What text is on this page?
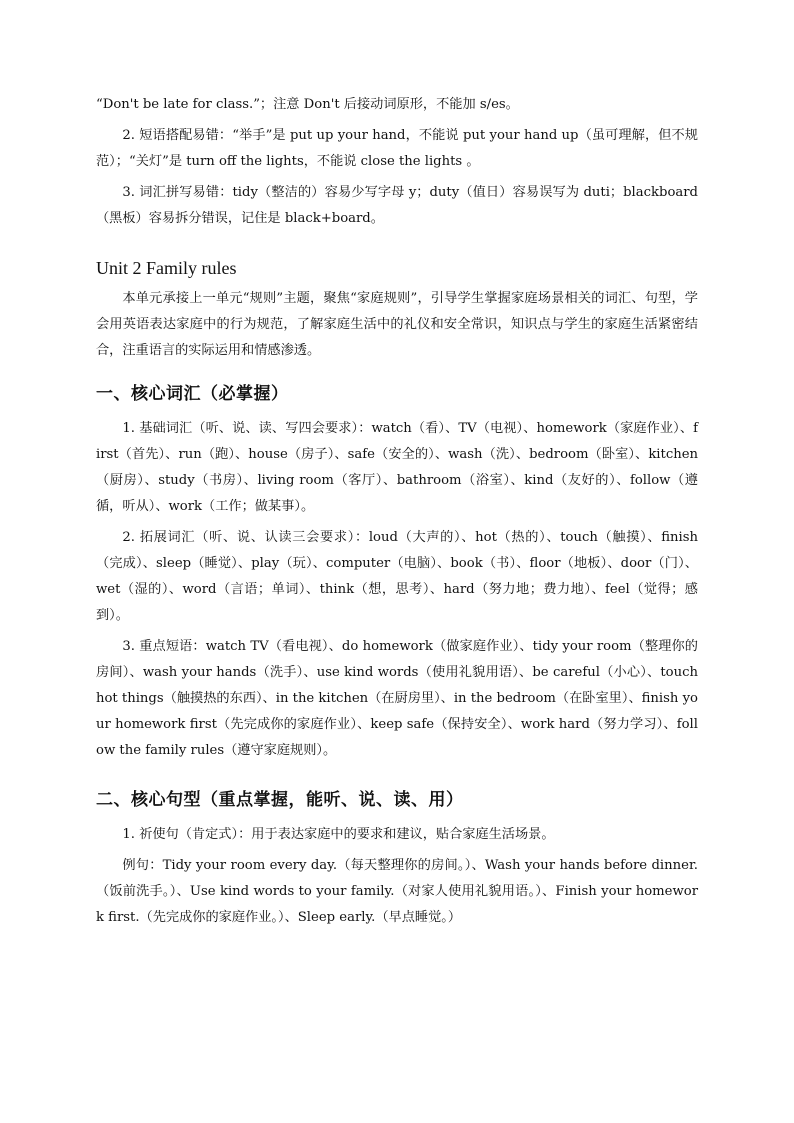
“Don't be late for class.”；注意 Don't 后接动词原形，不能加 s/es。

2. 短语搭配易错：“举手”是 put up your hand，不能说 put your hand up（虽可理解，但不规范）；“关灯”是 turn off the lights，不能说 close the lights 。

3. 词汇拼写易错：tidy（整洁的）容易少写字母 y；duty（值日）容易误写为 duti；blackboard（黑板）容易拆分错误，记住是 black+board。

Unit 2 Family rules

本单元承接上一单元“规则”主题，聚焦“家庭规则”，引导学生掌握家庭场景相关的词汇、句型，学会用英语表达家庭中的行为规范，了解家庭生活中的礼仪和安全常识，知识点与学生的家庭生活紧密结合，注重语言的实际运用和情感渗透。

一、核心词汇（必掌握）

1. 基础词汇（听、说、读、写四会要求）：watch（看）、TV（电视）、homework（家庭作业）、first（首先）、run（跑）、house（房子）、safe（安全的）、wash（洗）、bedroom（卧室）、kitchen（厨房）、study（书房）、living room（客厅）、bathroom（浴室）、kind（友好的）、follow（遵循，听从）、work（工作；做某事）。

2. 拓展词汇（听、说、认读三会要求）：loud（大声的）、hot（热的）、touch（触摸）、finish（完成）、sleep（睡觉）、play（玩）、computer（电脑）、book（书）、floor（地板）、door（门）、wet（湿的）、word（言语；单词）、think（想，思考）、hard（努力地；费力地）、feel（觉得；感到）。

3. 重点短语：watch TV（看电视）、do homework（做家庭作业）、tidy your room（整理你的房间）、wash your hands（洗手）、use kind words（使用礼貌用语）、be careful（小心）、touch hot things（触摸热的东西）、in the kitchen（在厨房里）、in the bedroom（在卧室里）、finish your homework first（先完成你的家庭作业）、keep safe（保持安全）、work hard（努力学习）、follow the family rules（遵守家庭规则）。

二、核心句型（重点掌握，能听、说、读、用）

1. 祈使句（肯定式）：用于表达家庭中的要求和建议，贴合家庭生活场景。

例句：Tidy your room every day.（每天整理你的房间。）、Wash your hands before dinner.（饭前洗手。）、Use kind words to your family.（对家人使用礼貌用语。）、Finish your homework first.（先完成你的家庭作业。）、Sleep early.（早点睡觉。）
